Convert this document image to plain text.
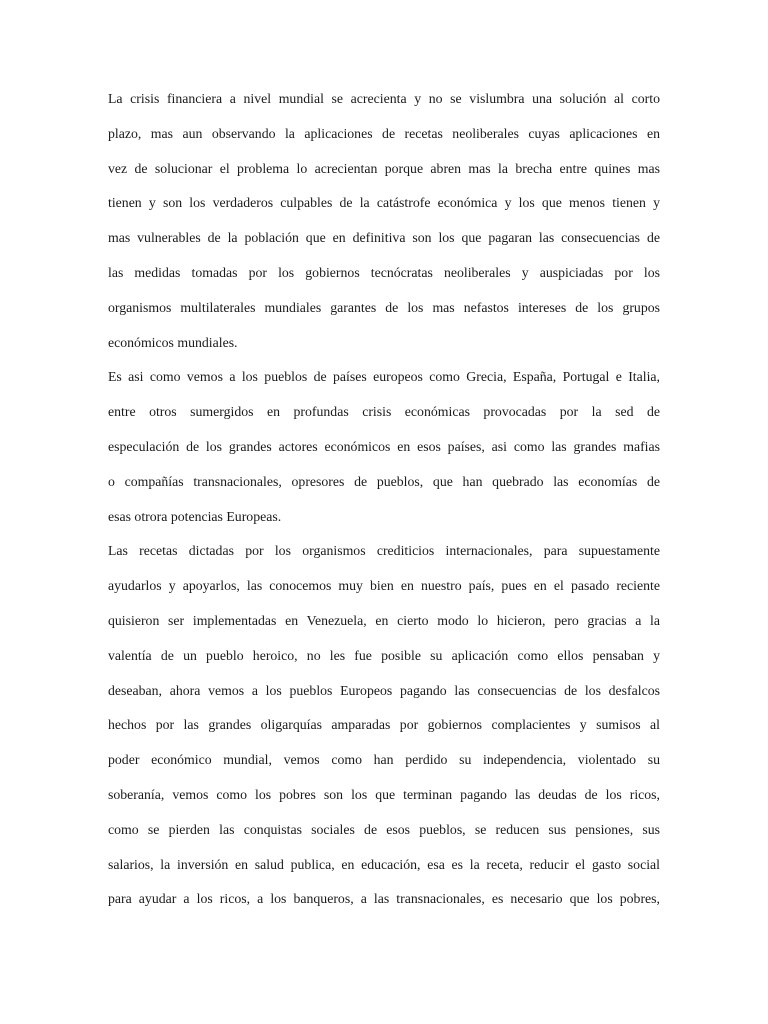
La crisis financiera a nivel mundial se acrecienta y no se vislumbra una solución al corto
plazo, mas aun observando la aplicaciones de recetas neoliberales cuyas aplicaciones en
vez de solucionar el problema lo acrecientan porque abren mas la brecha entre quines mas
tienen y son los verdaderos culpables de la catástrofe económica y los que menos tienen y
mas vulnerables de la población que en definitiva son los que pagaran las consecuencias de
las medidas tomadas por los gobiernos tecnócratas neoliberales y auspiciadas por los
organismos multilaterales mundiales garantes de los mas nefastos intereses de los grupos
económicos mundiales.
Es asi como vemos a los pueblos de países europeos como Grecia, España, Portugal e Italia,
entre otros sumergidos en profundas crisis económicas provocadas por la sed de
especulación de los grandes actores económicos en esos países, asi como las grandes mafias
o compañías transnacionales, opresores de pueblos, que han quebrado las economías de
esas otrora potencias Europeas.
Las recetas dictadas por los organismos crediticios internacionales, para supuestamente
ayudarlos y apoyarlos, las conocemos muy bien en nuestro país, pues en el pasado reciente
quisieron ser implementadas en Venezuela, en cierto modo lo hicieron, pero gracias a la
valentía de un pueblo heroico, no les fue posible su aplicación como ellos pensaban y
deseaban, ahora vemos a los pueblos Europeos pagando las consecuencias de los desfalcos
hechos por las grandes oligarquías amparadas por gobiernos complacientes y sumisos al
poder económico mundial, vemos como han perdido su independencia, violentado su
soberanía, vemos como los pobres son los que terminan pagando las deudas de los ricos,
como se pierden las conquistas sociales de esos pueblos, se reducen sus pensiones, sus
salarios, la inversión en salud publica, en educación, esa es la receta, reducir el gasto social
para ayudar a los ricos, a los banqueros, a las transnacionales, es necesario que los pobres,
